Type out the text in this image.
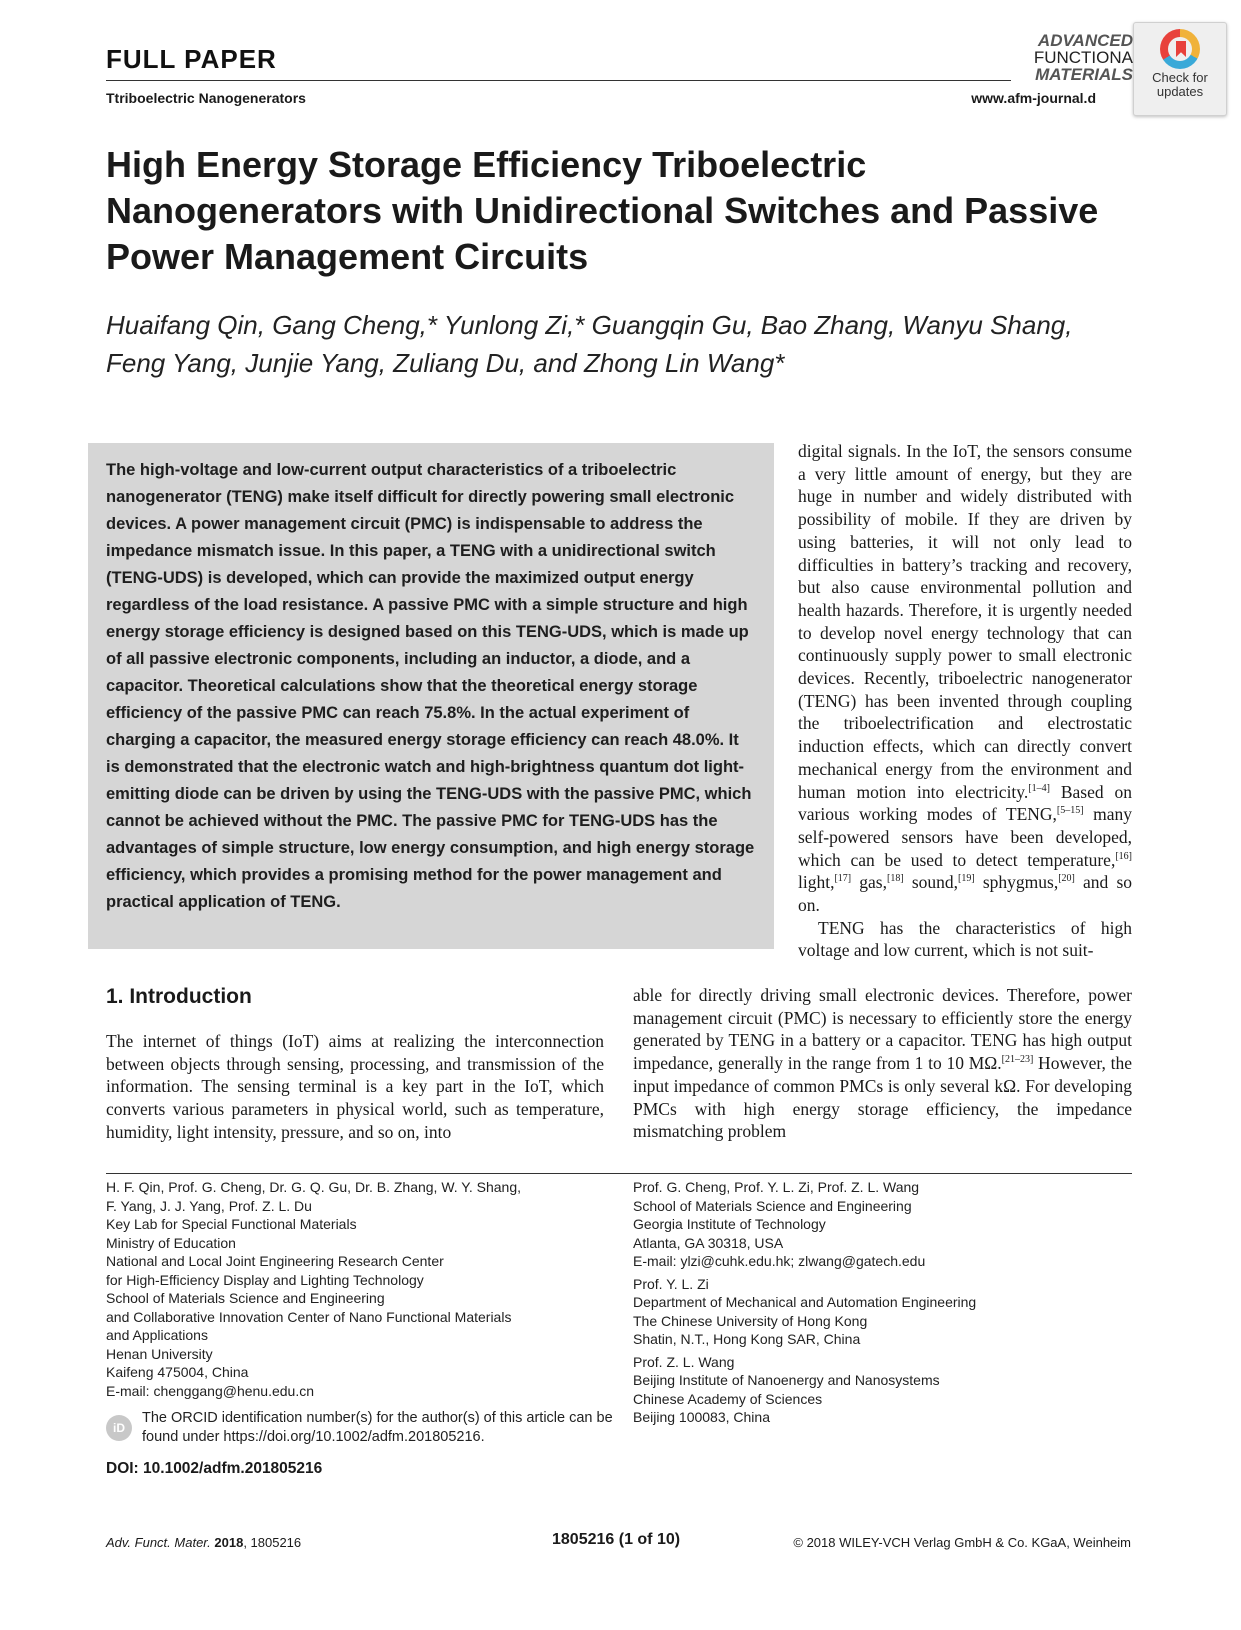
FULL PAPER
Ttriboelectric Nanogenerators	www.afm-journal.d
ADVANCED
FUNCTIONA
MATERIALS	Check for
updates
High Energy Storage Efficiency Triboelectric Nanogenerators with Unidirectional Switches and Passive Power Management Circuits
Huaifang Qin, Gang Cheng,* Yunlong Zi,* Guangqin Gu, Bao Zhang, Wanyu Shang,
Feng Yang, Junjie Yang, Zuliang Du, and Zhong Lin Wang*
The high-voltage and low-current output characteristics of a triboelectric nanogenerator (TENG) make itself difficult for directly powering small electronic devices. A power management circuit (PMC) is indispensable to address the impedance mismatch issue. In this paper, a TENG with a unidirectional switch (TENG-UDS) is developed, which can provide the maximized output energy regardless of the load resistance. A passive PMC with a simple structure and high energy storage efficiency is designed based on this TENG-UDS, which is made up of all passive electronic components, including an inductor, a diode, and a capacitor. Theoretical calculations show that the theoretical energy storage efficiency of the passive PMC can reach 75.8%. In the actual experiment of charging a capacitor, the measured energy storage efficiency can reach 48.0%. It is demonstrated that the electronic watch and high-brightness quantum dot light-emitting diode can be driven by using the TENG-UDS with the passive PMC, which cannot be achieved without the PMC. The passive PMC for TENG-UDS has the advantages of simple structure, low energy consumption, and high energy storage efficiency, which provides a promising method for the power management and practical application of TENG.

digital signals. In the IoT, the sensors consume a very little amount of energy, but they are huge in number and widely distributed with possibility of mobile. If they are driven by using batteries, it will not only lead to difficulties in battery’s tracking and recovery, but also cause environmental pollution and health hazards. Therefore, it is urgently needed to develop novel energy technology that can continuously supply power to small electronic devices. Recently, triboelectric nanogenerator (TENG) has been invented through coupling the triboelectrification and electrostatic induction effects, which can directly convert mechanical energy from the environment and human motion into electricity.[1–4] Based on various working modes of TENG,[5–15] many self-powered sensors have been developed, which can be used to detect temperature,[16] light,[17] gas,[18] sound,[19] sphygmus,[20] and so on.

TENG has the characteristics of high voltage and low current, which is not suit-

able for directly driving small electronic devices. Therefore, power management circuit (PMC) is necessary to efficiently store the energy generated by TENG in a battery or a capacitor. TENG has high output impedance, generally in the range from 1 to 10 MΩ.[21–23] However, the input impedance of common PMCs is only several kΩ. For developing PMCs with high energy storage efficiency, the impedance mismatching problem

1. Introduction

The internet of things (IoT) aims at realizing the interconnection between objects through sensing, processing, and transmission of the information. The sensing terminal is a key part in the IoT, which converts various parameters in physical world, such as temperature, humidity, light intensity, pressure, and so on, into

H. F. Qin, Prof. G. Cheng, Dr. G. Q. Gu, Dr. B. Zhang, W. Y. Shang,
F. Yang, J. J. Yang, Prof. Z. L. Du
Key Lab for Special Functional Materials
Ministry of Education
National and Local Joint Engineering Research Center
for High-Efficiency Display and Lighting Technology
School of Materials Science and Engineering
and Collaborative Innovation Center of Nano Functional Materials
and Applications
Henan University
Kaifeng 475004, China
E-mail: chenggang@henu.edu.cn
Prof. G. Cheng, Prof. Y. L. Zi, Prof. Z. L. Wang
School of Materials Science and Engineering
Georgia Institute of Technology
Atlanta, GA 30318, USA
E-mail: ylzi@cuhk.edu.hk; zlwang@gatech.edu
Prof. Y. L. Zi
Department of Mechanical and Automation Engineering
The Chinese University of Hong Kong
Shatin, N.T., Hong Kong SAR, China
Prof. Z. L. Wang
Beijing Institute of Nanoenergy and Nanosystems
Chinese Academy of Sciences
Beijing 100083, China
iD
The ORCID identification number(s) for the author(s) of this article can be found under https://doi.org/10.1002/adfm.201805216.
DOI: 10.1002/adfm.201805216
Adv. Funct. Mater. 2018, 1805216	1805216 (1 of 10)	© 2018 WILEY-VCH Verlag GmbH & Co. KGaA, Weinheim
